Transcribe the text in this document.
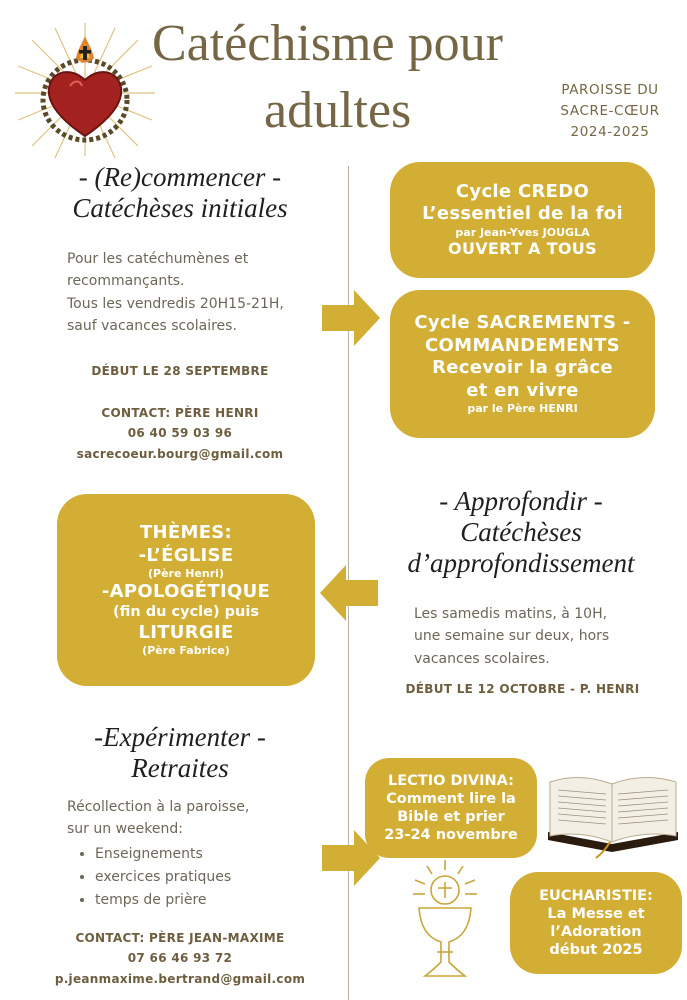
Catéchisme pour
adultes	PAROISSE DU
SACRE-CŒUR
2024-2025
- (Re)commencer -
Catéchèses initiales
Pour les catéchumènes et
recommançants.
Tous les vendredis 20H15-21H,
sauf vacances scolaires.
DÉBUT LE 28 SEPTEMBRE
CONTACT: PÈRE HENRI
06 40 59 03 96
sacrecoeur.bourg@gmail.com
Cycle CREDO
L’essentiel de la foi
par Jean-Yves JOUGLA
OUVERT A TOUS
Cycle SACREMENTS -
COMMANDEMENTS
Recevoir la grâce
et en vivre
par le Père HENRI
THÈMES:
-L’ÉGLISE
(Père Henri)
-APOLOGÉTIQUE
(fin du cycle) puis
LITURGIE
(Père Fabrice)
- Approfondir -
Catéchèses
d’approfondissement
Les samedis matins, à 10H,
une semaine sur deux, hors
vacances scolaires.
DÉBUT LE 12 OCTOBRE - P. HENRI
-Expérimenter -
Retraites
Récollection à la paroisse,
sur un weekend:
• Enseignements
• exercices pratiques
• temps de prière
CONTACT: PÈRE JEAN-MAXIME
07 66 46 93 72
p.jeanmaxime.bertrand@gmail.com
LECTIO DIVINA:
Comment lire la
Bible et prier
23-24 novembre
EUCHARISTIE:
La Messe et
l’Adoration
début 2025
